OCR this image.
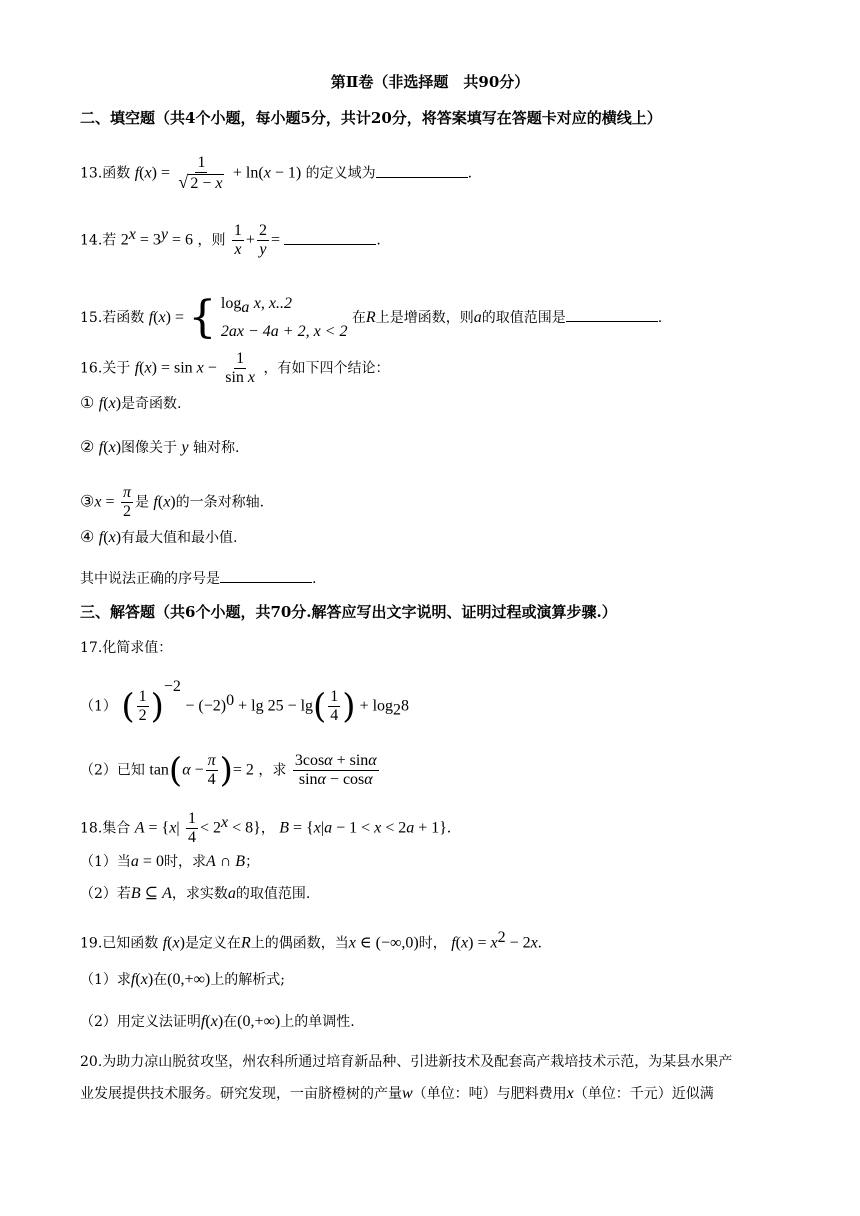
第Ⅱ卷（非选择题　共90分）
二、填空题（共4个小题，每小题5分，共计20分，将答案填写在答题卡对应的横线上）
13.函数 $f(x) = \frac{1}{√ 2 - x} + \ln(x - 1)$ 的定义域为	.
14.若 $2^x = 3^y = 6$ ，则 $\frac{1}{x} + \frac{2}{y}$ =	.
15.若函数 f(x) = { $\log_a x$, x..2
2ax − 4a + 2, x < 2
在R上是增函数，则a的取值范围是	.
16.关于 $f(x) = \sin x - \frac{1}{\text{sin x}}$ ，有如下四个结论：
① f(x)是奇函数.
② f(x)图像关于 y 轴对称.
③x = $\frac{\pi}{2}$ 是 f(x)的一条对称轴.
④ f(x)有最大值和最小值.
其中说法正确的序号是	.
三、解答题（共6个小题，共70分.解答应写出文字说明、证明过程或演算步骤.）
17.化简求值：
（1） ( $\frac{1}{2} )^{-2} - (-2)^0 + \lg 25 - \lg( \frac{1}{4}$ ) + $\log_28$
（2）已知 $\tan(\alpha - \frac{\pi}{4}$ )= 2 ，求 $\frac{3\cos\alpha + \sin\alpha}{\sin\alpha - \cos\alpha}$
18.集合 $A = \{x| \frac{1}{4} < 2^x < 8\}$， B = {x|a − 1 < x < 2a + 1}.
（1）当a = 0时，求A ∩ B；
（2）若B ⊆ A，求实数a的取值范围.
19.已知函数 f(x)是定义在R上的偶函数，当x ∈ (−∞,0)时， $f(x) = x^2 - 2x$.
（1）求f(x)在(0,+∞)上的解析式;
（2）用定义法证明f(x)在(0,+∞)上的单调性.
20.为助力凉山脱贫攻坚，州农科所通过培育新品种、引进新技术及配套高产栽培技术示范，为某县水果产
业发展提供技术服务。研究发现，一亩脐橙树的产量w（单位：吨）与肥料费用x（单位：千元）近似满
